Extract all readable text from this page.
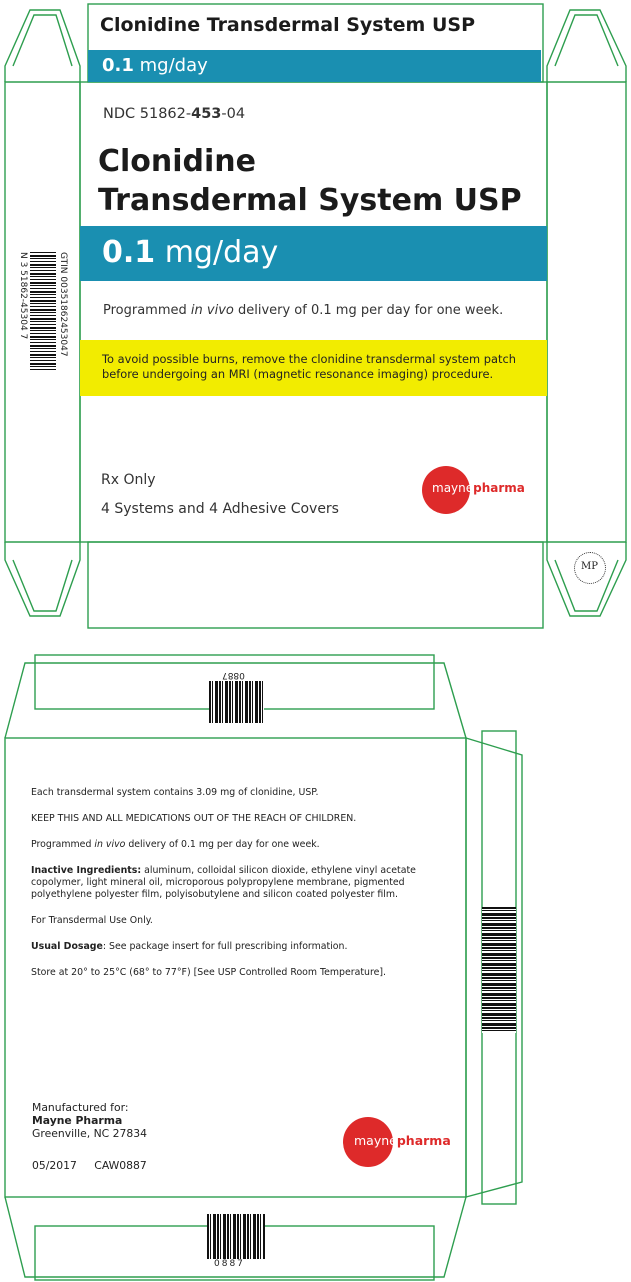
Clonidine Transdermal System USP
0.1 mg/day
NDC 51862-453-04
Clonidine
Transdermal System USP
0.1 mg/day
Programmed in vivo delivery of 0.1 mg per day for one week.
To avoid possible burns, remove the clonidine transdermal system patch
before undergoing an MRI (magnetic resonance imaging) procedure.
Rx Only
4 Systems and 4 Adhesive Covers
maynepharma
GTIN 00351862453047
N 3 51862-45304 7
MP
0887
0887

Each transdermal system contains 3.09 mg of clonidine, USP.

KEEP THIS AND ALL MEDICATIONS OUT OF THE REACH OF CHILDREN.

Programmed in vivo delivery of 0.1 mg per day for one week.

Inactive Ingredients: aluminum, colloidal silicon dioxide, ethylene vinyl acetate
copolymer, light mineral oil, microporous polypropylene membrane, pigmented
polyethylene polyester film, polyisobutylene and silicon coated polyester film.

For Transdermal Use Only.

Usual Dosage: See package insert for full prescribing information.

Store at 20° to 25°C (68° to 77°F) [See USP Controlled Room Temperature].

Manufactured for:
Mayne Pharma
Greenville, NC 27834
05/2017 CAW0887
maynepharma
